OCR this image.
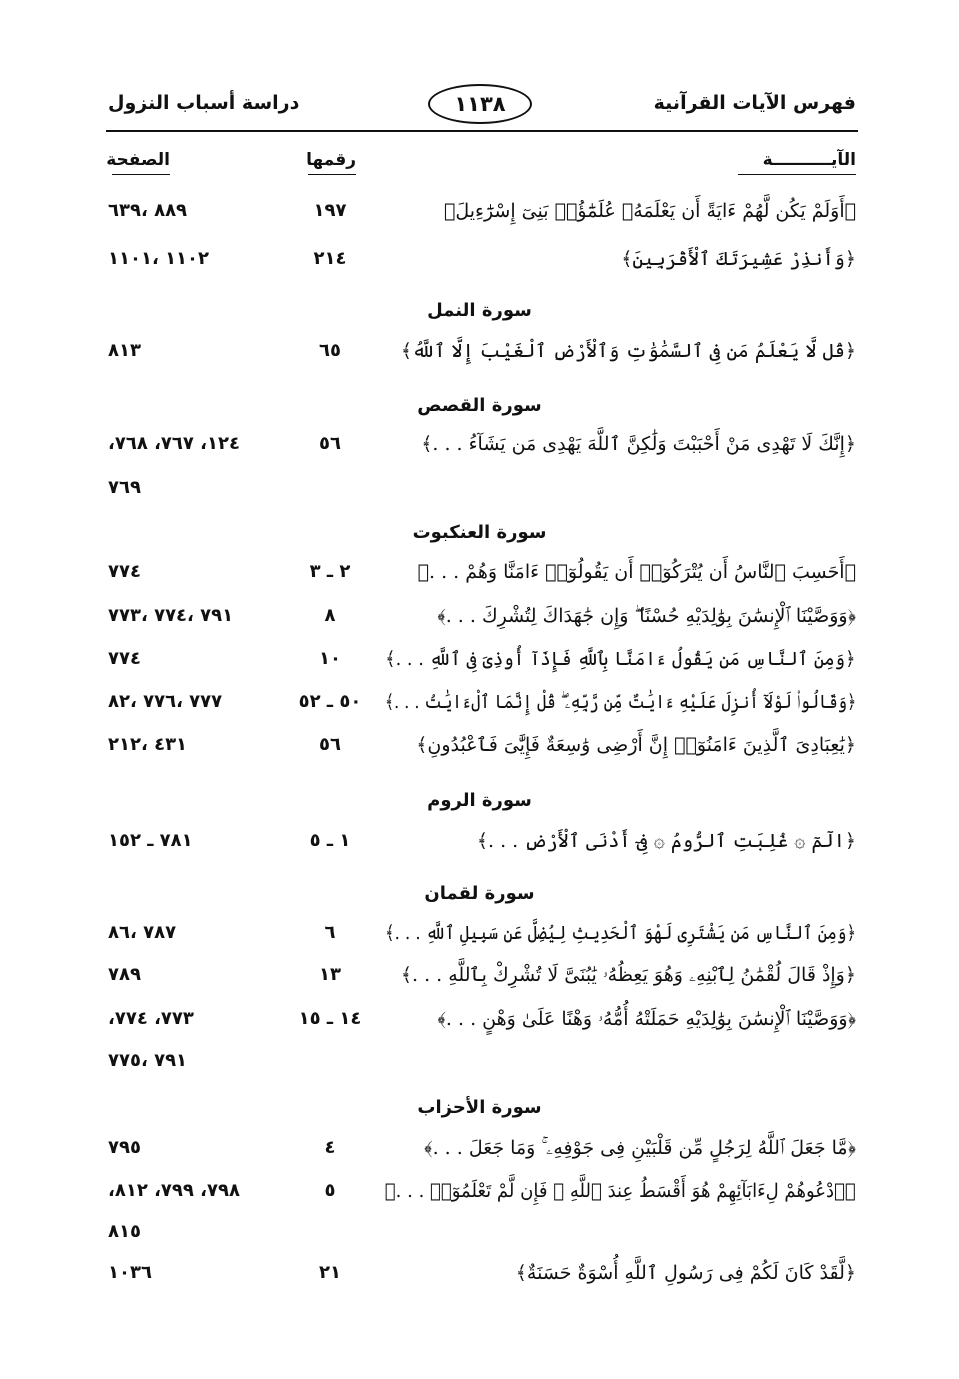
فهرس الآيات القرآنية
١١٣٨
دراسة أسباب النزول
الآيــــــــــة
رقمها
الصفحة
﴿أَوَلَمْ يَكُن لَّهُمْ ءَايَةً أَن يَعْلَمَهُۥ عُلَمَٰٓؤُا۟ بَنِىٓ إِسْرَٰٓءِيلَ﴾
١٩٧
٨٨٩ ،٦٣٩
﴿وَأَنذِرْ عَشِيرَتَكَ ٱلْأَقْرَبِينَ﴾
٢١٤
١١٠٢ ،١١٠١
سورة النمل
﴿قُل لَّا يَعْلَمُ مَن فِى ٱلسَّمَٰوَٰتِ وَٱلْأَرْضِ ٱلْغَيْبَ إِلَّا ٱللَّهُ﴾
٦٥
٨١٣
سورة القصص
﴿إِنَّكَ لَا تَهْدِى مَنْ أَحْبَبْتَ وَلَٰكِنَّ ٱللَّهَ يَهْدِى مَن يَشَآءُ . . .﴾
٥٦
١٢٤، ٧٦٧، ٧٦٨،
٧٦٩
سورة العنكبوت
﴿أَحَسِبَ ٱلنَّاسُ أَن يُتْرَكُوٓا۟ أَن يَقُولُوٓا۟ ءَامَنَّا وَهُمْ . . .﴾
٢ ـ ٣
٧٧٤
﴿وَوَصَّيْنَا ٱلْإِنسَٰنَ بِوَٰلِدَيْهِ حُسْنًا ۖ وَإِن جَٰهَدَاكَ لِتُشْرِكَ . . .﴾
٨
٧٩١ ،٧٧٤ ،٧٧٣
﴿وَمِنَ ٱلنَّاسِ مَن يَقُولُ ءَامَنَّا بِٱللَّهِ فَإِذَآ أُوذِىَ فِى ٱللَّهِ . . .﴾
١٠
٧٧٤
﴿وَقَالُوا۟ لَوْلَآ أُنزِلَ عَلَيْهِ ءَايَٰتٌ مِّن رَّبِّهِۦ ۖ قُلْ إِنَّمَا ٱلْءَايَٰتُ . . .﴾
٥٠ ـ ٥٢
٧٧٧ ،٧٧٦ ،٨٢
﴿يَٰعِبَادِىَ ٱلَّذِينَ ءَامَنُوٓا۟ إِنَّ أَرْضِى وَٰسِعَةٌ فَإِيَّٰىَ فَٱعْبُدُونِ﴾
٥٦
٤٣١ ،٢١٢
سورة الروم
﴿الٓمٓ ۞ غُلِبَتِ ٱلرُّومُ ۞ فِىٓ أَدْنَى ٱلْأَرْضِ . . .﴾
١ ـ ٥
٧٨١ ـ ١٥٢
سورة لقمان
﴿وَمِنَ ٱلنَّاسِ مَن يَشْتَرِى لَهْوَ ٱلْحَدِيثِ لِيُضِلَّ عَن سَبِيلِ ٱللَّهِ . . .﴾
٦
٧٨٧ ،٨٦
﴿وَإِذْ قَالَ لُقْمَٰنُ لِٱبْنِهِۦ وَهُوَ يَعِظُهُۥ يَٰبُنَىَّ لَا تُشْرِكْ بِٱللَّهِ . . .﴾
١٣
٧٨٩
﴿وَوَصَّيْنَا ٱلْإِنسَٰنَ بِوَٰلِدَيْهِ حَمَلَتْهُ أُمُّهُۥ وَهْنًا عَلَىٰ وَهْنٍ . . .﴾
١٤ ـ ١٥
٧٧٣، ٧٧٤،
٧٩١ ،٧٧٥
سورة الأحزاب
﴿مَّا جَعَلَ ٱللَّهُ لِرَجُلٍ مِّن قَلْبَيْنِ فِى جَوْفِهِۦ ۚ وَمَا جَعَلَ . . .﴾
٤
٧٩٥
﴿ٱدْعُوهُمْ لِءَابَآئِهِمْ هُوَ أَقْسَطُ عِندَ ٱللَّهِ ۚ فَإِن لَّمْ تَعْلَمُوٓا۟ . . .﴾
٥
٧٩٨، ٧٩٩، ٨١٢،
٨١٥
﴿لَّقَدْ كَانَ لَكُمْ فِى رَسُولِ ٱللَّهِ أُسْوَةٌ حَسَنَةٌ﴾
٢١
١٠٣٦
